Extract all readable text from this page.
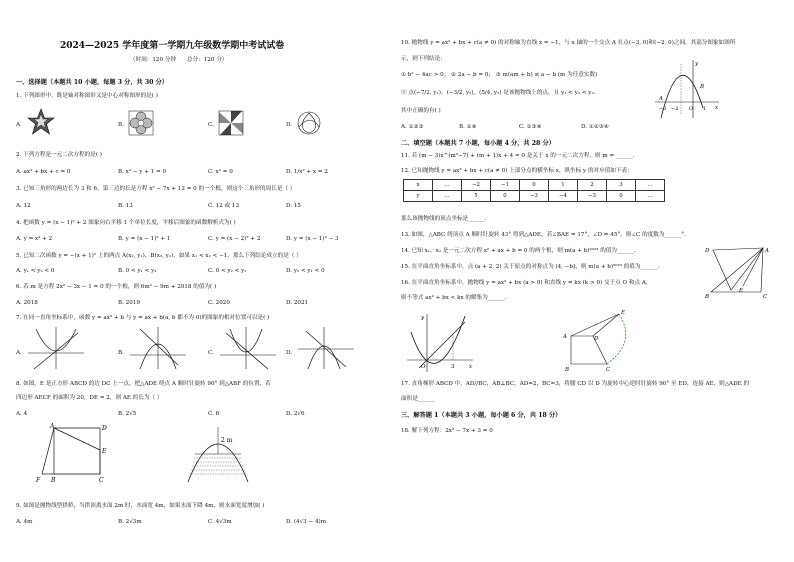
2024—2025 学年度第一学期九年级数学期中考试试卷
（时间：120 分钟 总分：120 分）
一、选择题（本题共 10 小题，每题 3 分，共 30 分）
1. 下列图形中，既是轴对称图形又是中心对称图形的是( )
A.	B.	C.	D.
2. 下列方程是一元二次方程的是( )
A. ax² + bx + c = 0	B. x² − y + 1 = 0	C. x² = 0	D. 1/x² + x = 2
3. 已知三角形的两边长为 3 和 6，第三边的长是方程 x² − 7x + 12 = 0 的一个根，则这个三角形的周长是（ ）
A. 12	B. 13	C. 12 或 13	D. 15
4. 把函数 y = (x − 1)² + 2 图象向右平移 1 个单位长度，平移后图象的函数解析式为( )
A. y = x² + 2	B. y = (x − 1)² + 1	C. y = (x − 2)² + 2	D. y = (x − 1)² − 3
5. 已知二次函数 y = −(x + 1)² 上的两点 A(x₁, y₁)，B(x₂, y₂)，如果 x₁ < x₂ < −1，那么下列结论成立的是（ ）
A. y₁ < y₂ < 0	B. 0 < y₁ < y₂	C. 0 < y₂ < y₁	D. y₂ < y₁ < 0
6. 若 m 是方程 2x² − 3x − 1 = 0 的一个根，则 6m² − 9m + 2018 的值为( )
A. 2018	B. 2019	C. 2020	D. 2021
7. 在同一直角坐标系中，函数 y = ax² + b 与 y = ax + b(a, b 都不为 0)的图象的相对位置可以是( )
A.	B.	C.	D.
8. 如图，E 是正方形 ABCD 的边 DC 上一点，把△ADE 绕点 A 顺时针旋转 90° 到△ABF 的位置，若
四边形 AECF 的面积为 20，DE = 2，则 AE 的长为（ ）
A. 4	B. 2√5	C. 6	D. 2√6
A	D
E
F B	C
2 m
9. 如图是抛物线型拱桥，当拱顶离水面 2m 时，水面宽 4m，如果水面下降 4m，则水面宽度增加( )
A. 4m	B. 2√3m	C. 4√3m	D. (4√3 − 4)m
10. 抛物线 y = ax² + bx + c(a ≠ 0) 的对称轴为直线 x = −1，与 x 轴的一个交点 A 在点(−3, 0)和(−2, 0)之间，其部分图象如图所
示，则下列结论：
① b² − 4ac > 0； ② 2a − b = 0； ③ m(am + b) ≤ a − b (m 为任意实数)
④ 点(−7/2, y₁)，(−3/2, y₂)，(5/4, y₃) 是该抛物线上的点，且 y₁ < y₂ < y₃.
其中正确的有( )
A. ①②③	B. ①④	C. ①③④	D. ①②③④
y
B
x
A
−3 −2 O 1
二、填空题（本题共 7 小题，每小题 4 分，共 28 分）
11. 若 (m − 3)x^(m²−7) + (m + 1)x + 4 = 0 是关于 x 的一元二次方程，则 m = ______.
12. 已知抛物线 y = ax² + bx + c(a ≠ 0) 上部分点的横坐标 x，纵坐标 y 的对应值如下表：
x	...	−2	−1	0	1	2	3	...
y	...	5	0	−3	−4	−3	0	...
那么该抛物线的顶点坐标是______.
13. 如图，△ABC 绕顶点 A 顺时针旋转 43° 得到△ADE，若∠BAE = 17°，∠D = 45°，则∠C 的度数为______°.
14. 已知 x₁，x₂ 是一元二次方程 x² + ax + b = 0 的两个根，则 m(a + b)²⁰²³ 的值为______.
15. 在平面直角坐标系中，点 (a + 2, 2) 关于原点的对称点为 (4, −b)，则 m(a + b)²⁰²³ 的值为______.
16. 在平面直角坐标系中，抛物线 y = ax² + bx (a > 0) 和直线 y = kx (k > 0) 交于点 O 和点 A，
则不等式 ax² + bx < kx 的解集为______.
D	A
B
E
C
y
O	3	x
E
A	D
B	C
17. 直角梯形 ABCD 中，AD//BC，AB⊥BC，AD=2，BC=3，将腰 CD 以 D 为旋转中心逆时针旋转 90° 至 ED，连接 AE，则△ADE 的
面积是______
三、解答题 1（本题共 3 小题，每小题 6 分，共 18 分）
18. 解下列方程：2x² − 7x + 3 = 0
